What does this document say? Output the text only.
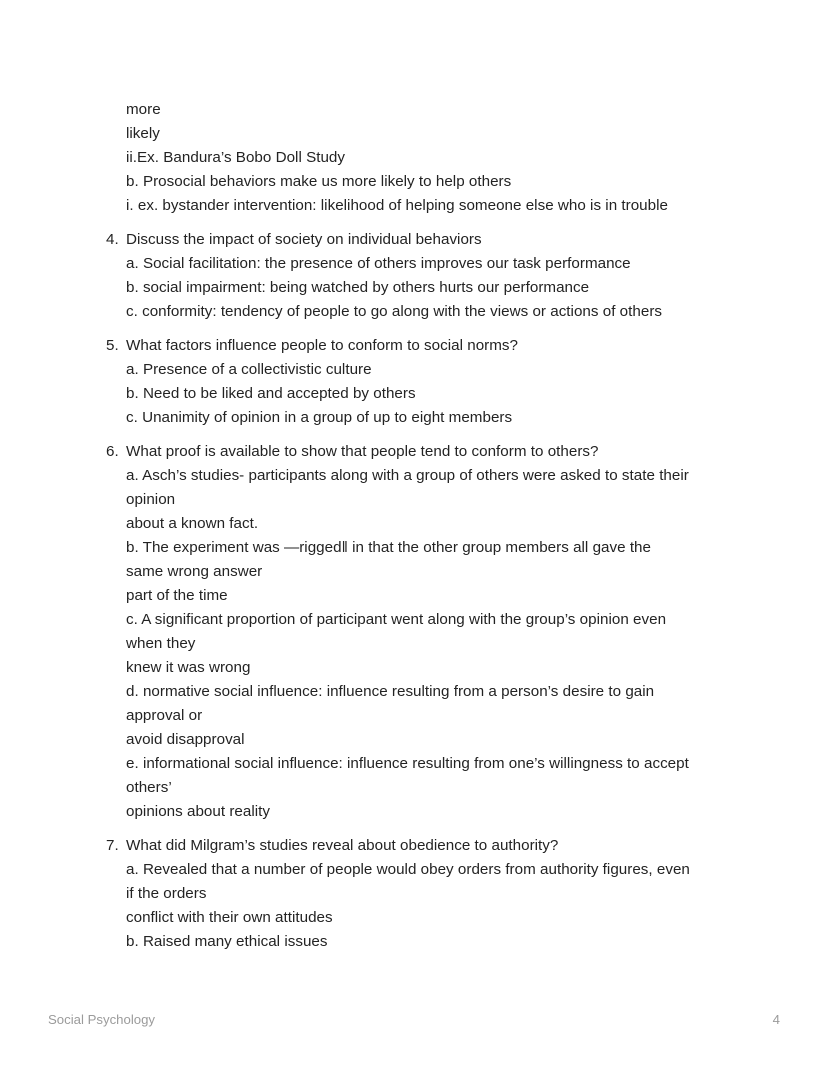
more
likely
ii.Ex. Bandura’s Bobo Doll Study
b. Prosocial behaviors make us more likely to help others
i. ex. bystander intervention: likelihood of helping someone else who is in trouble
4. Discuss the impact of society on individual behaviors
a. Social facilitation: the presence of others improves our task performance
b. social impairment: being watched by others hurts our performance
c. conformity: tendency of people to go along with the views or actions of others
5. What factors influence people to conform to social norms?
a. Presence of a collectivistic culture
b. Need to be liked and accepted by others
c. Unanimity of opinion in a group of up to eight members
6. What proof is available to show that people tend to conform to others?
a. Asch’s studies- participants along with a group of others were asked to state their
opinion
about a known fact.
b. The experiment was —riggedǁ in that the other group members all gave the
same wrong answer
part of the time
c. A significant proportion of participant went along with the group’s opinion even
when they
knew it was wrong
d. normative social influence: influence resulting from a person’s desire to gain
approval or
avoid disapproval
e. informational social influence: influence resulting from one’s willingness to accept
others’
opinions about reality
7. What did Milgram’s studies reveal about obedience to authority?
a. Revealed that a number of people would obey orders from authority figures, even
if the orders
conflict with their own attitudes
b. Raised many ethical issues
Social Psychology	4
